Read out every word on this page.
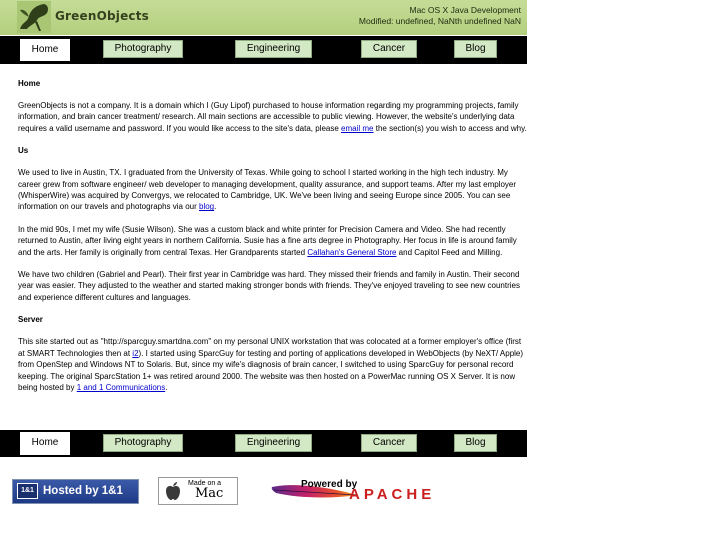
GreenObjects	Mac OS X Java Development
Modified: undefined, NaNth undefined NaN
Home	Photography	Engineering	Cancer	Blog
Home

GreenObjects is not a company. It is a domain which I (Guy Lipof) purchased to house information regarding my programming projects, family information, and brain cancer treatment/ research. All main sections are accessible to public viewing. However, the website's underlying data requires a valid username and password. If you would like access to the site's data, please email me the section(s) you wish to access and why.

Us

We used to live in Austin, TX. I graduated from the University of Texas. While going to school I started working in the high tech industry. My career grew from software engineer/ web developer to managing development, quality assurance, and support teams. After my last employer (WhisperWire) was acquired by Convergys, we relocated to Cambridge, UK. We've been living and seeing Europe since 2005. You can see information on our travels and photographs via our blog.

In the mid 90s, I met my wife (Susie Wilson). She was a custom black and white printer for Precision Camera and Video. She had recently returned to Austin, after living eight years in northern California. Susie has a fine arts degree in Photography. Her focus in life is around family and the arts. Her family is originally from central Texas. Her Grandparents started Callahan's General Store and Capitol Feed and Milling.

We have two children (Gabriel and Pearl). Their first year in Cambridge was hard. They missed their friends and family in Austin. Their second year was easier. They adjusted to the weather and started making stronger bonds with friends. They've enjoyed traveling to see new countries and experience different cultures and languages.

Server

This site started out as "http://sparcguy.smartdna.com" on my personal UNIX workstation that was colocated at a former employer's office (first at SMART Technologies then at i2). I started using SparcGuy for testing and porting of applications developed in WebObjects (by NeXT/ Apple) from OpenStep and Windows NT to Solaris. But, since my wife's diagnosis of brain cancer, I switched to using SparcGuy for personal record keeping. The original SparcStation 1+ was retired around 2000. The website was then hosted on a PowerMac running OS X Server. It is now being hosted by 1 and 1 Communications.

Home	Photography	Engineering	Cancer	Blog
1&1 Hosted by 1&1
Made on a
Mac
Powered by
APACHE
